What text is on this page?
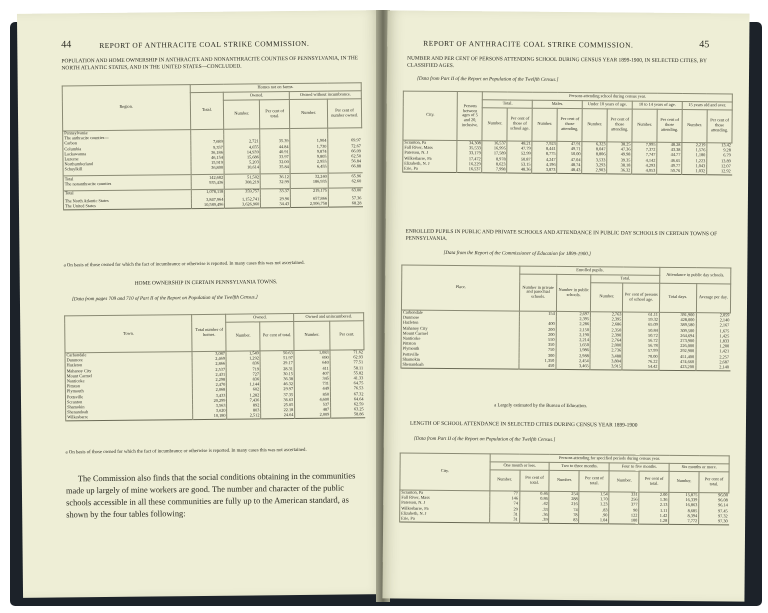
44	REPORT OF ANTHRACITE COAL STRIKE COMMISSION.
POPULATION AND HOME OWNERSHIP IN ANTHRACITE AND NONANTHRACITE COUNTIES OF PENNSYLVANIA, IN THE NORTH ATLANTIC STATES, AND IN THE UNITED STATES—CONCLUDED.
Region.	Homes not on farms.				
	Total.	Owned.		Owned without incumbrance.	
		Number.	Per cent of total.	Number.	Per cent of number owned.
Pennsylvania:					
The anthracite counties—					
Carbon	7,689	2,721	35.39	1,904	69.97
Columbia	9,357	4,655	44.84	1,730	72.67
Lackawanna	36,186	14,939	40.91	9,874	66.09
Luzerne	46,154	15,686	33.97	9,805	62.50
Northumberland	15,919	5,203	32.00	2,955	56.84
Schuylkill	36,800	10,614	35.84	6,455	66.88

Total	142,682	51,502	36.12	32,240	65.96
The nonanthracite counties	935,436	308,219	32.99	186,935	62.60

Total	1,078,118	359,757	33.37	219,175	63.00

The North Atlantic States	3,847,964	1,152,741	29.96	657,866	57.36
The United States	10,589,496	3,626,960	34.43	2,506,758	68.28
a On basis of those owned for which the fact of incumbrance or otherwise is reported. In many cases this was not ascertained.
HOME OWNERSHIP IN CERTAIN PENNSYLVANIA TOWNS.
[Data from pages 709 and 710 of Part II of the Report on Population of the Twelfth Census.]
Town.	Total number of homes.	Owned.		Owned and unincumbered.	
		Number.	Per cent of total.	Number.	Per cent.
Carbondale	3,087	1,549	50.63	1,083	71.62
Dunmore	2,469	1,292	51.97	690	62.93
Hazleton	2,866	836	29.17	640	77.51
Mahanoy City	2,537	719	28.31	411	58.11
Mount Carmel	2,431	727	30.15	407	55.82
Nanticoke	2,298	836	36.38	345	41.33
Pittston	2,470	1,144	46.32	731	64.75
Plymouth	2,068	602	29.97	449	76.53
Pottsville	3,433	1,282	37.35	850	67.32
Scranton	20,299	7,436	36.63	4,600	64.64
Shamokin	3,563	892	25.05	537	62.59
Shenandoah	3,620	803	22.18	487	63.25
Wilkesbarre	10,180	2,512	24.64	2,009	58.86
a On basis of those owned for which the fact of incumbrance or otherwise is reported. In many cases this was not ascertained.
The Commission also finds that the social conditions obtaining in the communities made up largely of mine workers are good. The number and character of the public schools accessible in all these communities are fully up to the American standard, as shown by the four tables following:
REPORT OF ANTHRACITE COAL STRIKE COMMISSION.	45
NUMBER AND PER CENT OF PERSONS ATTENDING SCHOOL DURING CENSUS YEAR 1899-1900, IN SELECTED CITIES, BY CLASSIFIED AGES.
[Data from Part II of the Report on Population of the Twelfth Census.]
City.	Persons between ages of 5 and 20, inclusive.	Persons attending school during census year.									
		Total.		Males.		Under 10 years of age.		10 to 14 years of age.		15 years old and over.	
		Number.	Per cent of those of school age.	Number.	Per cent of those attending.	Number.	Per cent of those attending.	Number.	Per cent of those attending.	Number.	Per cent of those attending.
Scranton, Pa	34,308	16,537	48.21	7,923	47.91	6,323	38.25	7,995	48.28	2,219	13.42
Fall River, Mass	35,533	16,995	47.79	8,441	49.71	8,047	47.36	7,372	43.38	1,576	9.28
Paterson, N. J	33,179	17,589	52.99	8,775	50.00	8,806	49.98	7,747	44.77	1,180	6.79
Wilkesbarre, Pa	17,472	8,978	50.87	4,247	47.04	3,533	39.35	4,142	46.65	1,223	13.89
Elizabeth, N. J	16,229	8,623	53.15	4,196	48.74	3,293	38.18	4,293	49.77	1,043	12.07
Erie, Pa	16,537	7,998	48.36	3,873	48.43	2,903	36.32	4,053	50.76	1,032	12.92
ENROLLED PUPILS IN PUBLIC AND PRIVATE SCHOOLS AND ATTENDANCE IN PUBLIC DAY SCHOOLS IN CERTAIN TOWNS OF PENNSYLVANIA.
[Data from the Report of the Commissioner of Education for 1899-1900.]
Place.	Enrolled pupils.				Attendance in public day schools.	
	Number in private and parochial schools.	Number in public schools.	Total.			
			Number.	Per cent of persons of school age.	Total days.	Average per day.
Carbondale	154	2,697	2,763	61.11	391,900	2,059
Dunmore		2,395	2,395	59.32	428,000	2,140
Hazleton	400	2,286	2,686	65.09	389,580	2,167
Mahanoy City	200	2,150	2,350	50.84	309,500	1,675
Mount Carmel	200	2,190	2,390	50.72	264,694	1,425
Nanticoke	550	2,214	2,764	56.72	273,900	1,833
Pittston	350	1,650	2,000	56.78	226,000	1,200
Plymouth	750	1,986	2,736	57.99	292,900	1,421
Pottsville	300	2,988	3,488	70.00	451,400	2,257
Shamokin	1,350	2,454	3,804	76.22	474,660	2,687
Shenandoah	450	3,465	3,915	54.42	423,200	2,140
a Largely estimated by the Bureau of Education.
LENGTH OF SCHOOL ATTENDANCE IN SELECTED CITIES DURING CENSUS YEAR 1899-1900
[Data from Part II of the Report on Population of the Twelfth Census.]
City.	Persons attending for specified periods during census year.							
	One month or less.		Two to three months.		Four to five months.		Six months or more.	
	Number.	Per cent of total.	Number.	Per cent of total.	Number.	Per cent of total.	Number.	Per cent of total.
Scranton, Pa	77	0.46	254	1.54	331	2.00	15,875	96.00
Fall River, Mass	146	0.86	288	1.70	256	1.36	16,339	96.08
Paterson, N. J	74	.42	216	1.23	377	2.13	16,863	96.14
Wilkesbarre, Pa	29	.33	74	.83	90	1.11	8,685	97.45
Elizabeth, N. J	31	.36	78	.90	122	1.42	8,394	97.32
Erie, Pa	31	.39	83	1.04	100	1.28	7,772	97.30
